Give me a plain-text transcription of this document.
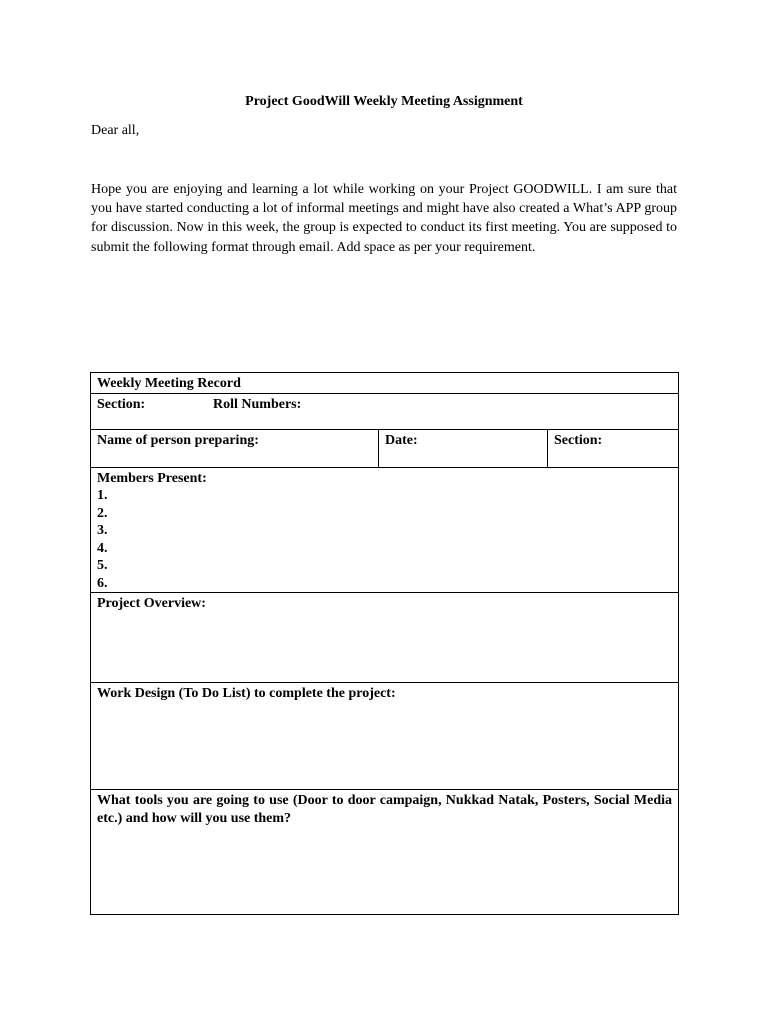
Project GoodWill Weekly Meeting Assignment
Dear all,
Hope you are enjoying and learning a lot while working on your Project GOODWILL. I am sure that you have started conducting a lot of informal meetings and might have also created a What’s APP group for discussion. Now in this week, the group is expected to conduct its first meeting. You are supposed to submit the following format through email. Add space as per your requirement.
Weekly Meeting Record
Section:	Roll Numbers:
Name of person preparing:	Date:	Section:

Members Present:
1.
2.
3.
4.
5.
6.

Project Overview:
Work Design (To Do List) to complete the project:
What tools you are going to use (Door to door campaign, Nukkad Natak, Posters, Social Media etc.) and how will you use them?
